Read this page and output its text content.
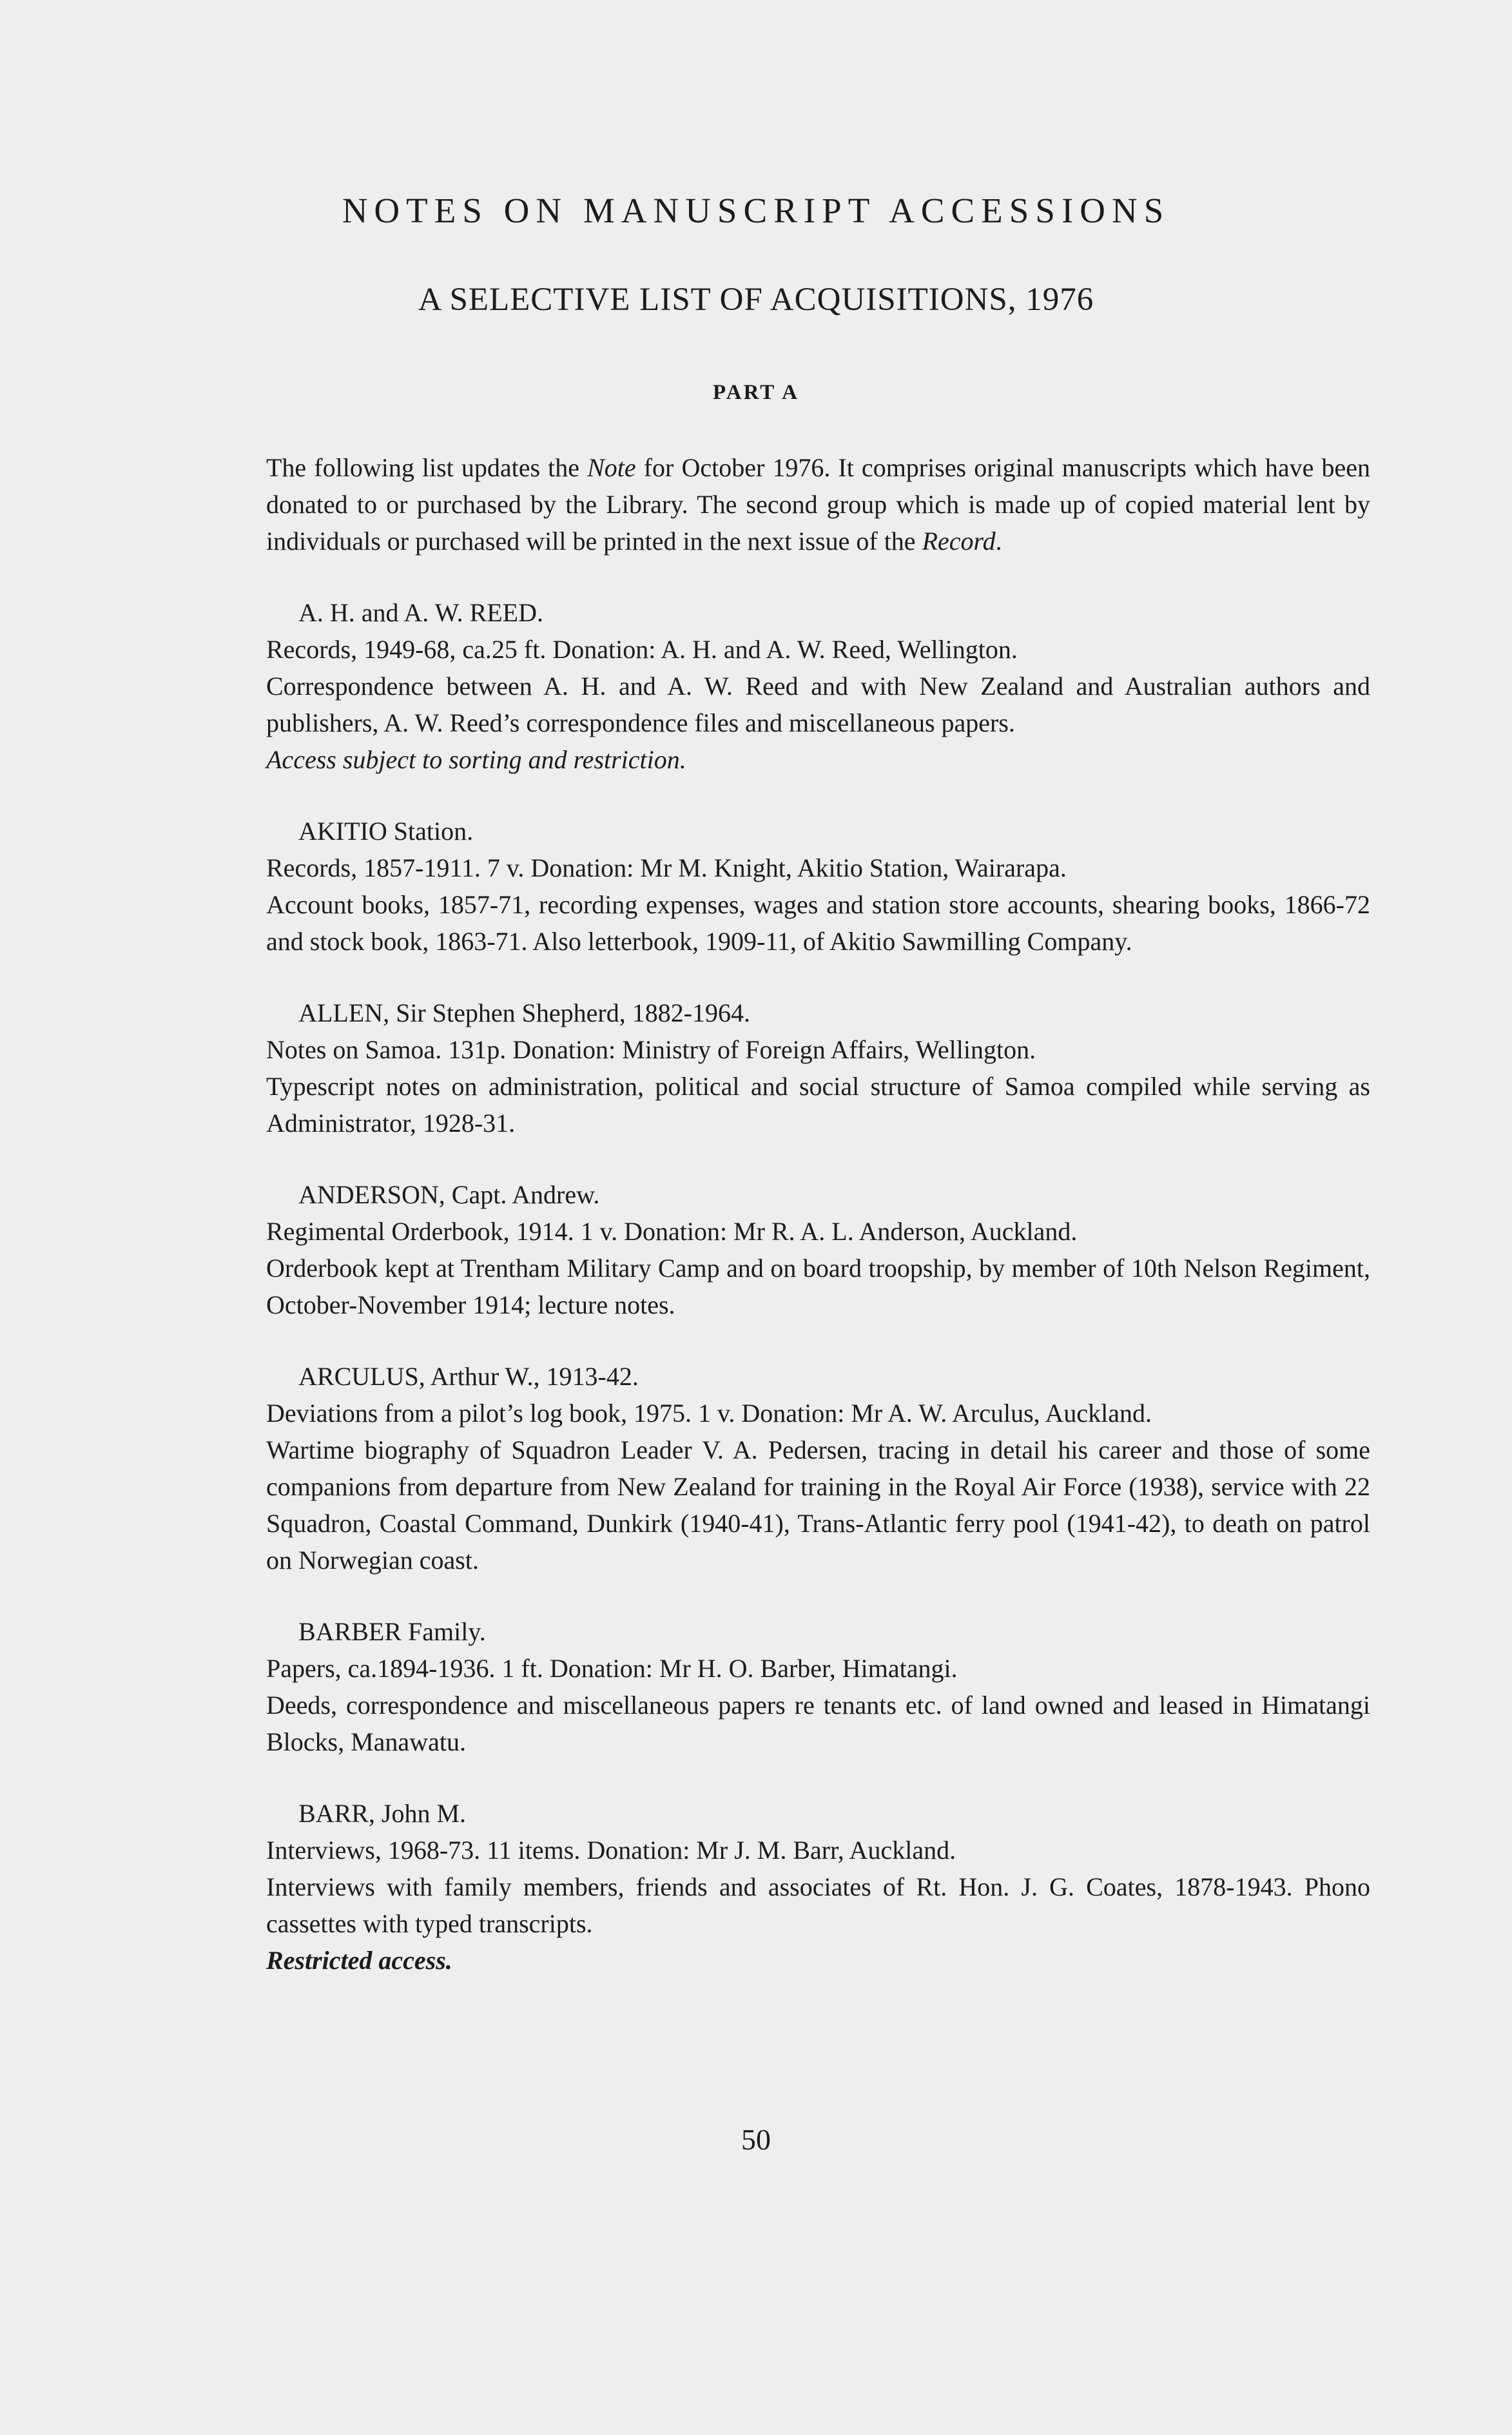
NOTES ON MANUSCRIPT ACCESSIONS
A SELECTIVE LIST OF ACQUISITIONS, 1976
PART A

The following list updates the Note for October 1976. It comprises original manuscripts which have been donated to or purchased by the Library. The second group which is made up of copied material lent by individuals or purchased will be printed in the next issue of the Record.

A. H. and A. W. REED.

Records, 1949-68, ca.25 ft. Donation: A. H. and A. W. Reed, Wellington.

Correspondence between A. H. and A. W. Reed and with New Zealand and Australian authors and publishers, A. W. Reed’s correspondence files and miscellaneous papers.

Access subject to sorting and restriction.

AKITIO Station.

Records, 1857-1911. 7 v. Donation: Mr M. Knight, Akitio Station, Wairarapa.

Account books, 1857-71, recording expenses, wages and station store accounts, shearing books, 1866-72 and stock book, 1863-71. Also letterbook, 1909-11, of Akitio Sawmilling Company.

ALLEN, Sir Stephen Shepherd, 1882-1964.

Notes on Samoa. 131p. Donation: Ministry of Foreign Affairs, Wellington.

Typescript notes on administration, political and social structure of Samoa compiled while serving as Administrator, 1928-31.

ANDERSON, Capt. Andrew.

Regimental Orderbook, 1914. 1 v. Donation: Mr R. A. L. Anderson, Auckland.

Orderbook kept at Trentham Military Camp and on board troopship, by member of 10th Nelson Regiment, October-November 1914; lecture notes.

ARCULUS, Arthur W., 1913-42.

Deviations from a pilot’s log book, 1975. 1 v. Donation: Mr A. W. Arculus, Auckland.

Wartime biography of Squadron Leader V. A. Pedersen, tracing in detail his career and those of some companions from departure from New Zealand for training in the Royal Air Force (1938), service with 22 Squadron, Coastal Command, Dunkirk (1940-41), Trans-Atlantic ferry pool (1941-42), to death on patrol on Norwegian coast.

BARBER Family.

Papers, ca.1894-1936. 1 ft. Donation: Mr H. O. Barber, Himatangi.

Deeds, correspondence and miscellaneous papers re tenants etc. of land owned and leased in Himatangi Blocks, Manawatu.

BARR, John M.

Interviews, 1968-73. 11 items. Donation: Mr J. M. Barr, Auckland.

Interviews with family members, friends and associates of Rt. Hon. J. G. Coates, 1878-1943. Phono cassettes with typed transcripts.

Restricted access.

50
